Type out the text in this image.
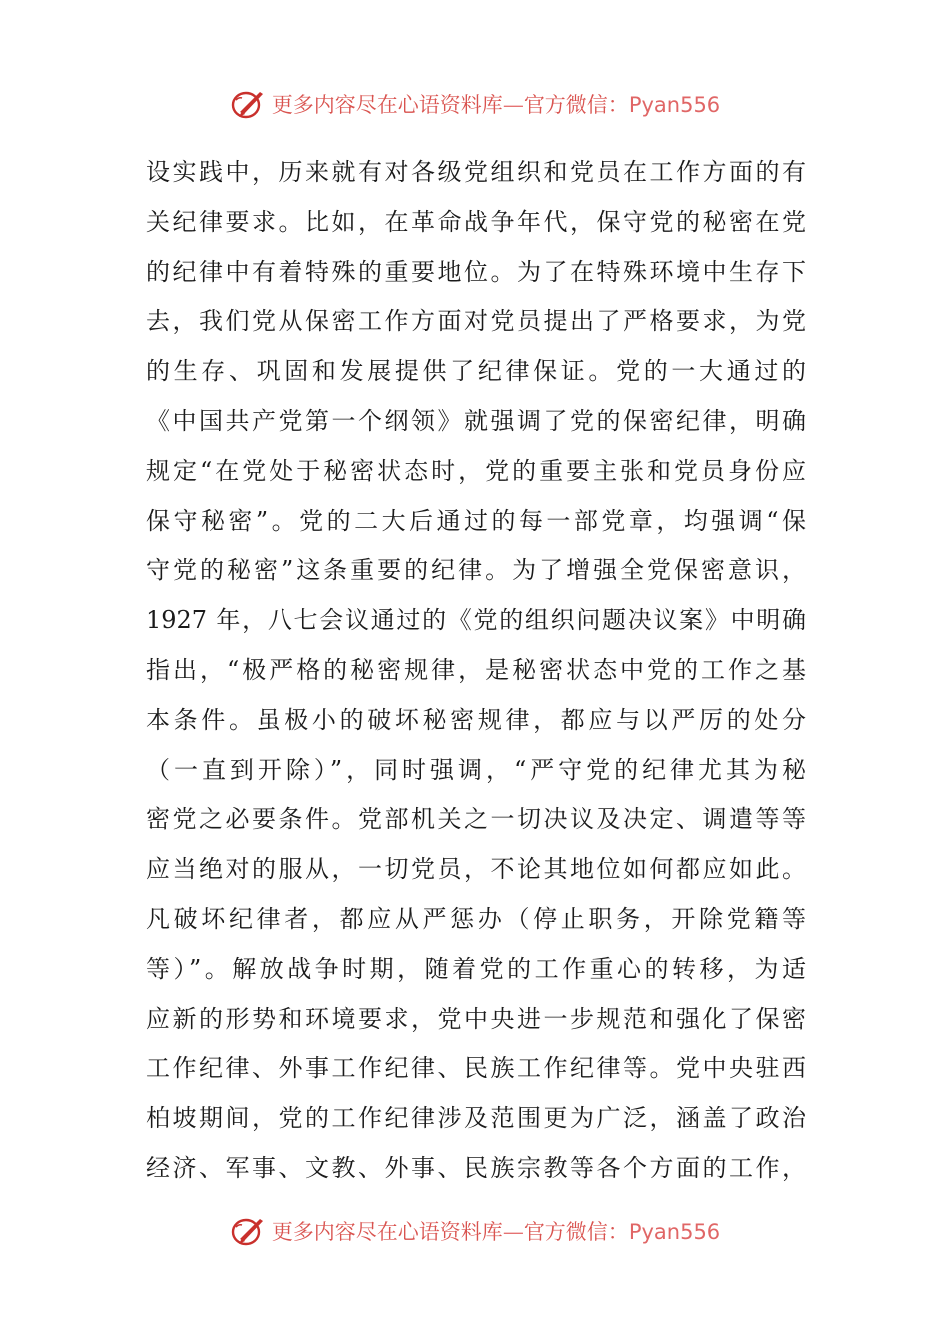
更多内容尽在心语资料库—官方微信：Pyan556
设实践中，历来就有对各级党组织和党员在工作方面的有
关纪律要求。比如，在革命战争年代，保守党的秘密在党
的纪律中有着特殊的重要地位。为了在特殊环境中生存下
去，我们党从保密工作方面对党员提出了严格要求，为党
的生存、巩固和发展提供了纪律保证。党的一大通过的
《中国共产党第一个纲领》就强调了党的保密纪律，明确
规定“在党处于秘密状态时，党的重要主张和党员身份应
保守秘密”。党的二大后通过的每一部党章，均强调“保
守党的秘密”这条重要的纪律。为了增强全党保密意识，
1927 年，八七会议通过的《党的组织问题决议案》中明确
指出，“极严格的秘密规律，是秘密状态中党的工作之基
本条件。虽极小的破坏秘密规律，都应与以严厉的处分
（一直到开除）”，同时强调，“严守党的纪律尤其为秘
密党之必要条件。党部机关之一切决议及决定、调遣等等
应当绝对的服从，一切党员，不论其地位如何都应如此。
凡破坏纪律者，都应从严惩办（停止职务，开除党籍等
等）”。解放战争时期，随着党的工作重心的转移，为适
应新的形势和环境要求，党中央进一步规范和强化了保密
工作纪律、外事工作纪律、民族工作纪律等。党中央驻西
柏坡期间，党的工作纪律涉及范围更为广泛，涵盖了政治
经济、军事、文教、外事、民族宗教等各个方面的工作，
更多内容尽在心语资料库—官方微信：Pyan556
